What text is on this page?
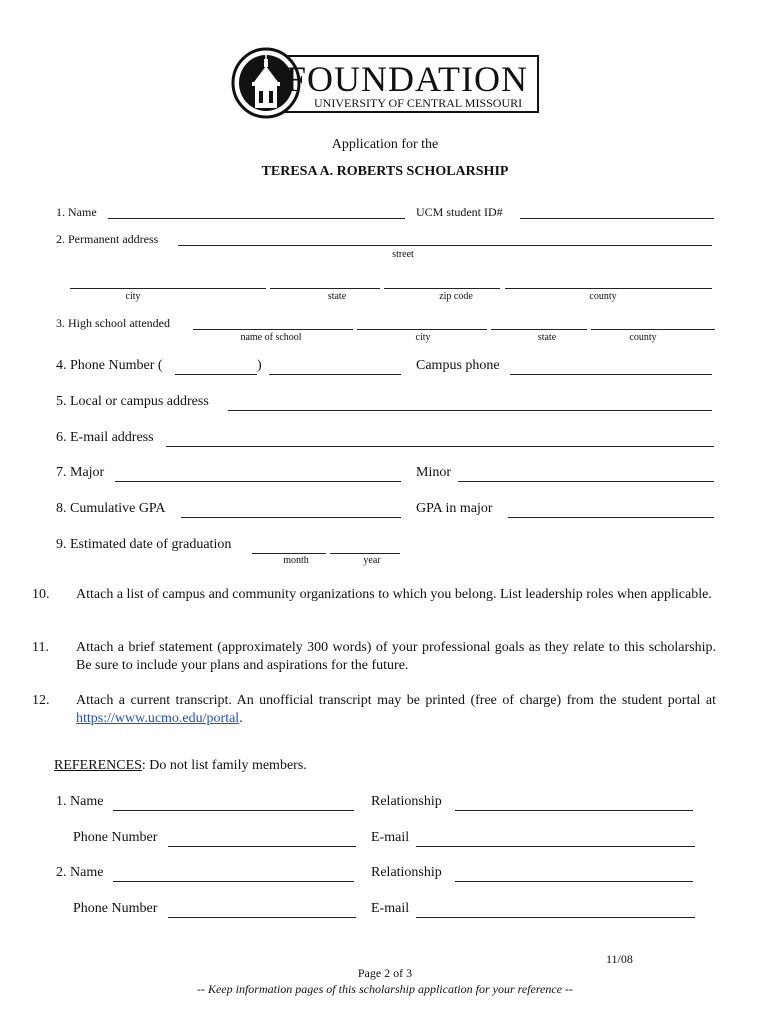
FOUNDATION
UNIVERSITY OF CENTRAL MISSOURI
Application for the
TERESA A. ROBERTS SCHOLARSHIP
1. Name	UCM student ID#
2. Permanent address
street
city	state	zip code	county
3. High school attended
name of school	city	state	county
4. Phone Number (	)	Campus phone
5. Local or campus address
6. E-mail address
7. Major	Minor
8. Cumulative GPA	GPA in major
9. Estimated date of graduation
month	year
10. Attach a list of campus and community organizations to which you belong. List leadership roles when applicable.
11. Attach a brief statement (approximately 300 words) of your professional goals as they relate to this scholarship. Be sure to include your plans and aspirations for the future.
12. Attach a current transcript. An unofficial transcript may be printed (free of charge) from the student portal at https://www.ucmo.edu/portal.
REFERENCES: Do not list family members.
1. Name	Relationship
Phone Number	E-mail
2. Name	Relationship
Phone Number	E-mail
11/08
Page 2 of 3
-- Keep information pages of this scholarship application for your reference --
